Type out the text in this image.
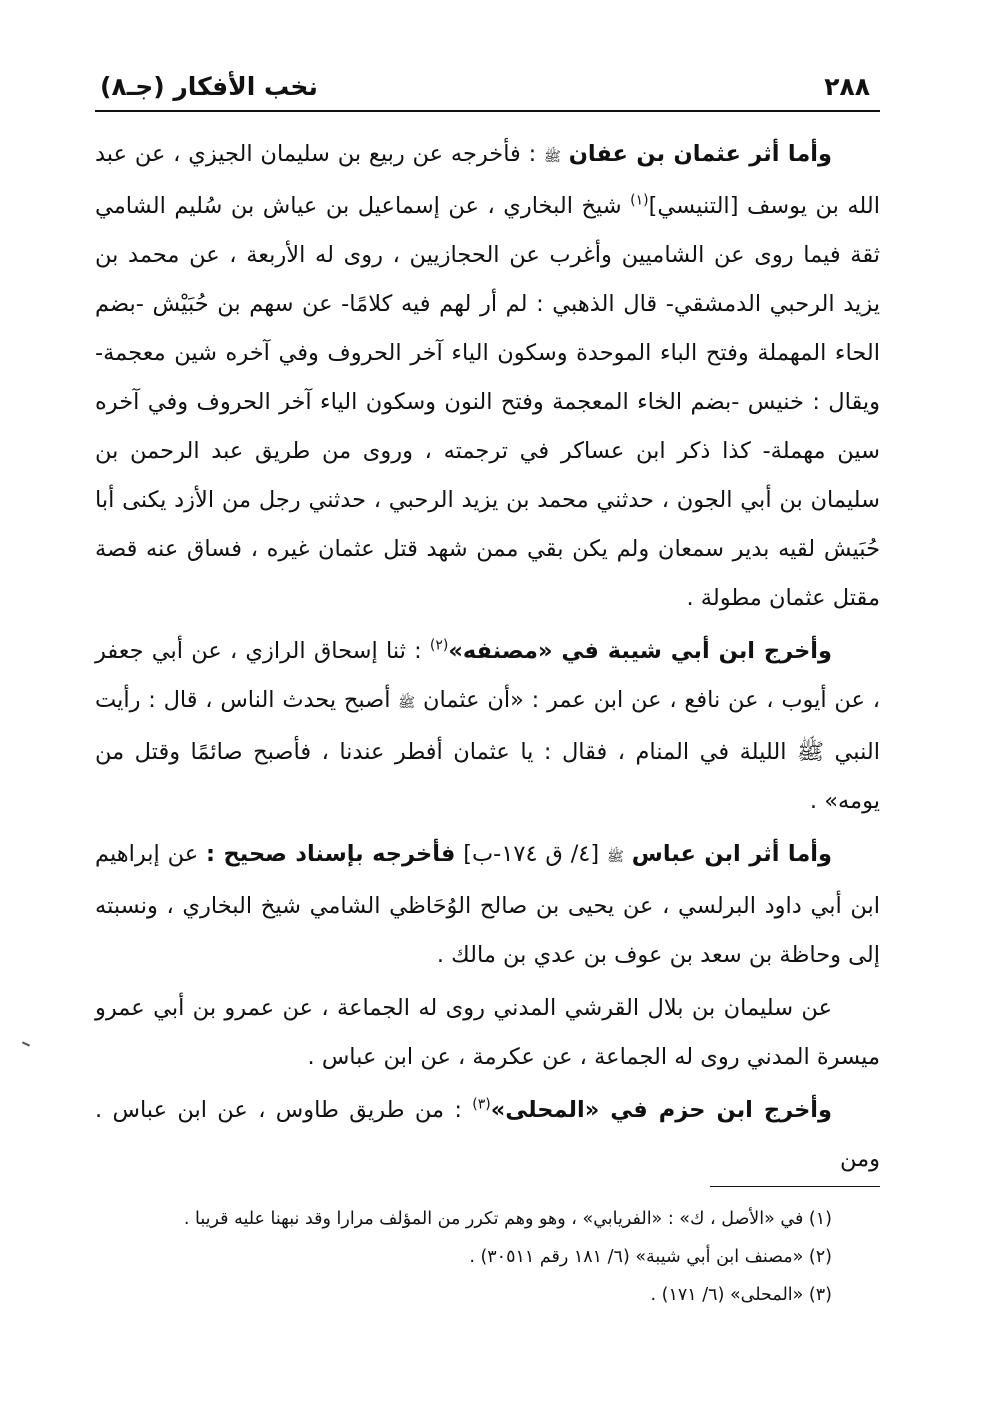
٢٨٨
نخب الأفكار (جـ٨)

وأما أثر عثمان بن عفان ﷺ : فأخرجه عن ربيع بن سليمان الجيزي ، عن عبد الله بن يوسف [التنيسي]$^{(١)}$ شيخ البخاري ، عن إسماعيل بن عياش بن سُليم الشامي ثقة فيما روى عن الشاميين وأغرب عن الحجازيين ، روى له الأربعة ، عن محمد بن يزيد الرحبي الدمشقي- قال الذهبي : لم أر لهم فيه كلامًا- عن سهم بن حُبَيْش -بضم الحاء المهملة وفتح الباء الموحدة وسكون الياء آخر الحروف وفي آخره شين معجمة- ويقال : خنيس -بضم الخاء المعجمة وفتح النون وسكون الياء آخر الحروف وفي آخره سين مهملة- كذا ذكر ابن عساكر في ترجمته ، وروى من طريق عبد الرحمن بن سليمان بن أبي الجون ، حدثني محمد بن يزيد الرحبي ، حدثني رجل من الأزد يكنى أبا حُبَيش لقيه بدير سمعان ولم يكن بقي ممن شهد قتل عثمان غيره ، فساق عنه قصة مقتل عثمان مطولة .

وأخرج ابن أبي شيبة في «مصنفه»$^{(٢)}$ : ثنا إسحاق الرازي ، عن أبي جعفر ، عن أيوب ، عن نافع ، عن ابن عمر : «أن عثمان ﷺ أصبح يحدث الناس ، قال : رأيت النبي ﷺ الليلة في المنام ، فقال : يا عثمان أفطر عندنا ، فأصبح صائمًا وقتل من يومه» .

وأما أثر ابن عباس ﷺ [٤/ ق ١٧٤-ب] فأخرجه بإسناد صحيح : عن إبراهيم ابن أبي داود البرلسي ، عن يحيى بن صالح الوُحَاظي الشامي شيخ البخاري ، ونسبته إلى وحاظة بن سعد بن عوف بن عدي بن مالك .

عن سليمان بن بلال القرشي المدني روى له الجماعة ، عن عمرو بن أبي عمرو ميسرة المدني روى له الجماعة ، عن عكرمة ، عن ابن عباس .

وأخرج ابن حزم في «المحلى»$^{(٣)}$ : من طريق طاوس ، عن ابن عباس . ومن

(١) في «الأصل ، ك» : «الفريابي» ، وهو وهم تكرر من المؤلف مرارا وقد نبهنا عليه قريبا .

(٢) «مصنف ابن أبي شيبة» (٦/ ١٨١ رقم ٣٠٥١١) .

(٣) «المحلى» (٦/ ١٧١) .
